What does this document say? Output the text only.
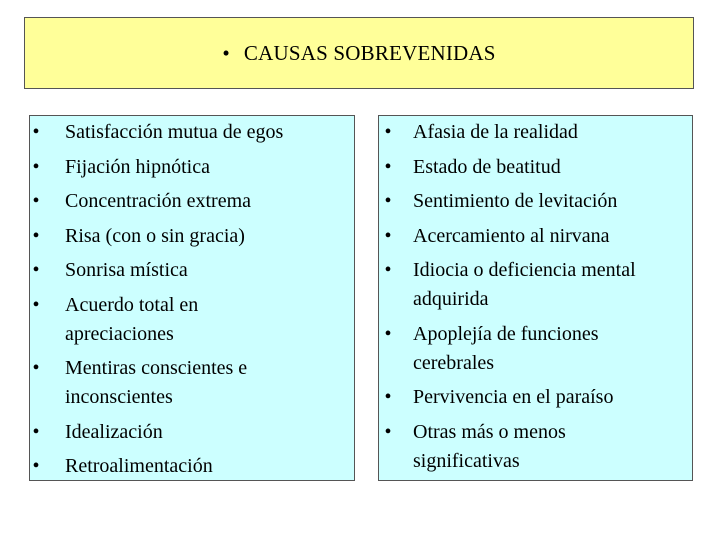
• CAUSAS SOBREVENIDAS
• Satisfacción mutua de egos
• Fijación hipnótica
• Concentración extrema
• Risa (con o sin gracia)
• Sonrisa mística
• Acuerdo total en apreciaciones
• Mentiras conscientes e inconscientes
• Idealización
• Retroalimentación
• Afasia de la realidad
• Estado de beatitud
• Sentimiento de levitación
• Acercamiento al nirvana
• Idiocia o deficiencia mental adquirida
• Apoplejía de funciones cerebrales
• Pervivencia en el paraíso
• Otras más o menos significativas
